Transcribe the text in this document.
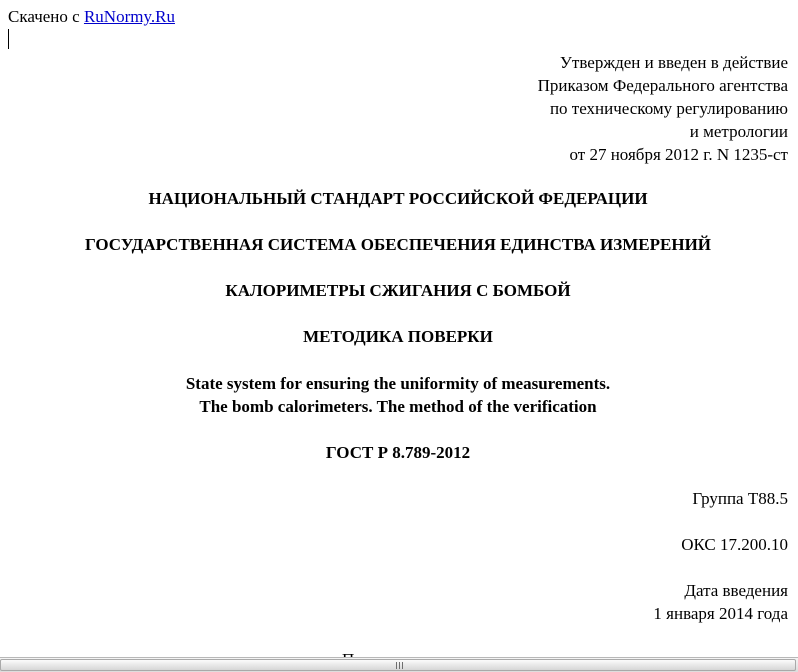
Скачено с RuNormy.Ru
Утвержден и введен в действие
Приказом Федерального агентства
по техническому регулированию
и метрологии
от 27 ноября 2012 г. N 1235-ст
НАЦИОНАЛЬНЫЙ СТАНДАРТ РОССИЙСКОЙ ФЕДЕРАЦИИ
ГОСУДАРСТВЕННАЯ СИСТЕМА ОБЕСПЕЧЕНИЯ ЕДИНСТВА ИЗМЕРЕНИЙ
КАЛОРИМЕТРЫ СЖИГАНИЯ С БОМБОЙ
МЕТОДИКА ПОВЕРКИ
State system for ensuring the uniformity of measurements.
The bomb calorimeters. The method of the verification
ГОСТ Р 8.789-2012
Группа Т88.5
ОКС 17.200.10
Дата введения
1 января 2014 года
